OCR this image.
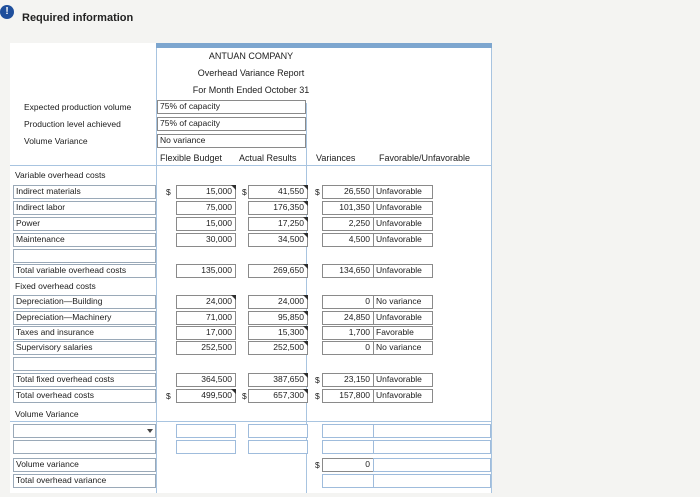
!
Required information
ANTUAN COMPANY
Overhead Variance Report
For Month Ended October 31
Expected production volume	75% of capacity
Production level achieved	75% of capacity
Volume Variance	No variance
Flexible Budget Actual Results Variances	Favorable/Unfavorable
Variable overhead costs
Indirect materials	$	15,000	$	41,550	$	26,550 Unfavorable
Indirect labor	75,000	176,350	101,350 Unfavorable
Power	15,000	17,250	2,250 Unfavorable
Maintenance	30,000	34,500	4,500 Unfavorable
Total variable overhead costs	135,000	269,650	134,650 Unfavorable
Fixed overhead costs
Depreciation—Building	24,000	24,000	0 No variance
Depreciation—Machinery	71,000	95,850	24,850 Unfavorable
Taxes and insurance	17,000	15,300	1,700 Favorable
Supervisory salaries	252,500	252,500	0 No variance
Total fixed overhead costs	364,500	387,650	$	23,150 Unfavorable
Total overhead costs	$	499,500	$	657,300	$	157,800 Unfavorable
Volume Variance
Volume variance	$	0
Total overhead variance
